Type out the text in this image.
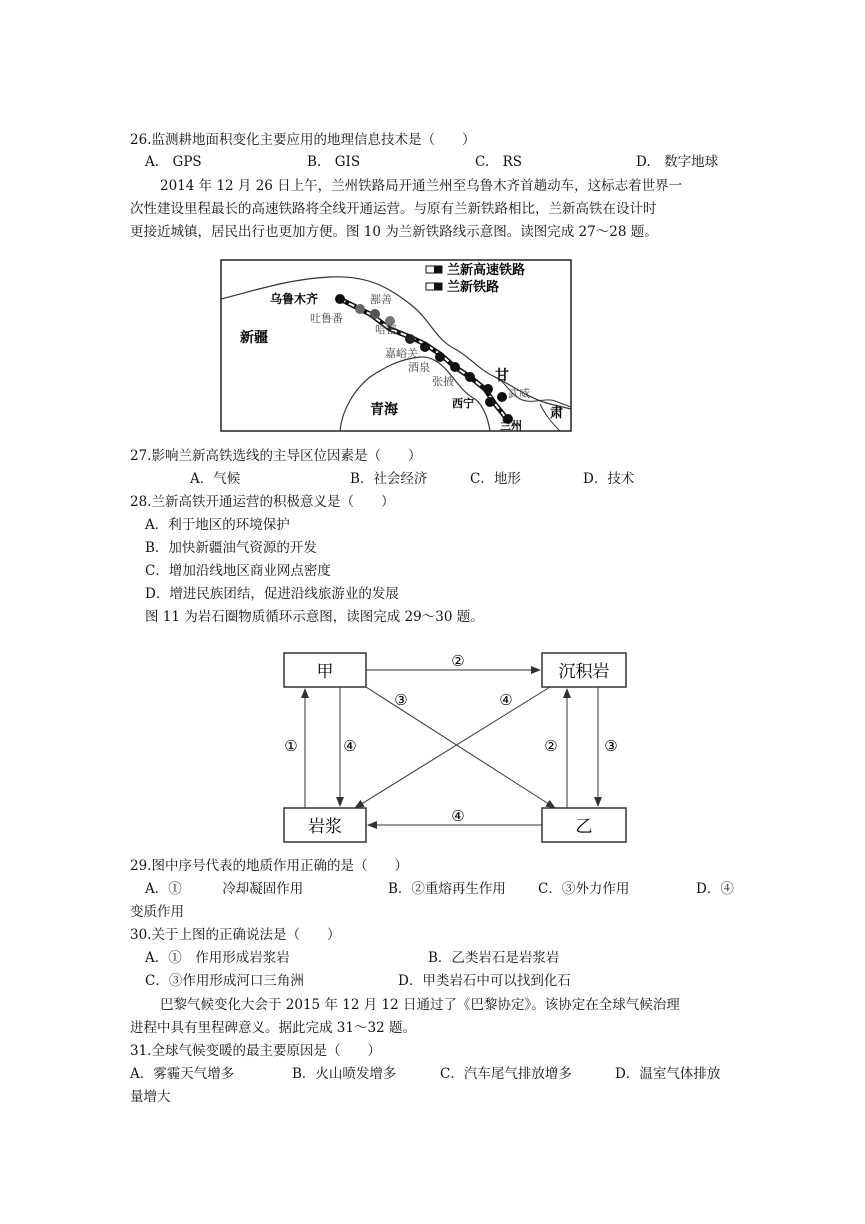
26.监测耕地面积变化主要应用的地理信息技术是（　　）
A.　GPS	B.　GIS	C.　RS	D.　数字地球
2014 年 12 月 26 日上午，兰州铁路局开通兰州至乌鲁木齐首趟动车，这标志着世界一
次性建设里程最长的高速铁路将全线开通运营。与原有兰新铁路相比，兰新高铁在设计时
更接近城镇，居民出行也更加方便。图 10 为兰新铁路线示意图。读图完成 27～28 题。
兰新高速铁路
兰新铁路
乌鲁木齐
吐鲁番
鄯善
哈密
嘉峪关
酒泉
张掖
西宁
武威
兰州
新疆
青海
甘
肃
27.影响兰新高铁选线的主导区位因素是（　　）
A．气候	B．社会经济	C．地形	D．技术
28.兰新高铁开通运营的积极意义是（　　）
A．利于地区的环境保护
B．加快新疆油气资源的开发
C．增加沿线地区商业网点密度
D．增进民族团结，促进沿线旅游业的发展
图 11 为岩石圈物质循环示意图，读图完成 29～30 题。
甲	沉积岩
岩浆	乙
②
③	④
①	④	②	③
④
29.图中序号代表的地质作用正确的是（　　）
A．①　　　冷却凝固作用	B．②重熔再生作用 C．③外力作用	D．④
变质作用
30.关于上图的正确说法是（　　）
A．①　作用形成岩浆岩	B．乙类岩石是岩浆岩
C．③作用形成河口三角洲	D．甲类岩石中可以找到化石
巴黎气候变化大会于 2015 年 12 月 12 日通过了《巴黎协定》。该协定在全球气候治理
进程中具有里程碑意义。据此完成 31～32 题。
31.全球气候变暖的最主要原因是（　　）
A．雾霾天气增多	B．火山喷发增多	C．汽车尾气排放增多	D．温室气体排放
量增大
